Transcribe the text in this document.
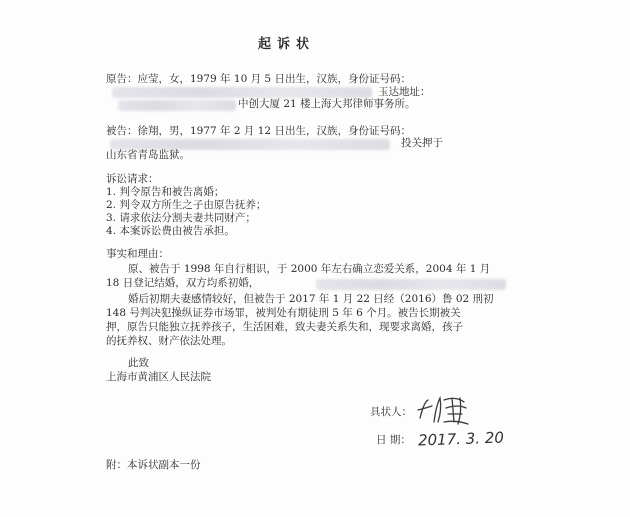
起诉状
原告：应莹，女，1979 年 10 月 5 日出生，汉族，身份证号码：
玉达地址：
中创大厦 21 楼上海大邦律师事务所。
被告：徐翔，男，1977 年 2 月 12 日出生，汉族，身份证号码：
投关押于
山东省青岛监狱。
诉讼请求：
1. 判令原告和被告离婚；
2. 判令双方所生之子由原告抚养；
3. 请求依法分割夫妻共同财产；
4. 本案诉讼费由被告承担。
事实和理由：
原、被告于 1998 年自行相识，于 2000 年左右确立恋爱关系，2004 年 1 月
18 日登记结婚，双方均系初婚，
婚后初期夫妻感情较好，但被告于 2017 年 1 月 22 日经（2016）鲁 02 刑初
148 号判决犯操纵证券市场罪，被判处有期徒刑 5 年 6 个月。被告长期被关
押，原告只能独立抚养孩子，生活困难，致夫妻关系失和，现要求离婚，孩子
的抚养权、财产依法处理。
此致
上海市黄浦区人民法院
具状人：
日 期： 2017. 3. 20
附：本诉状副本一份
